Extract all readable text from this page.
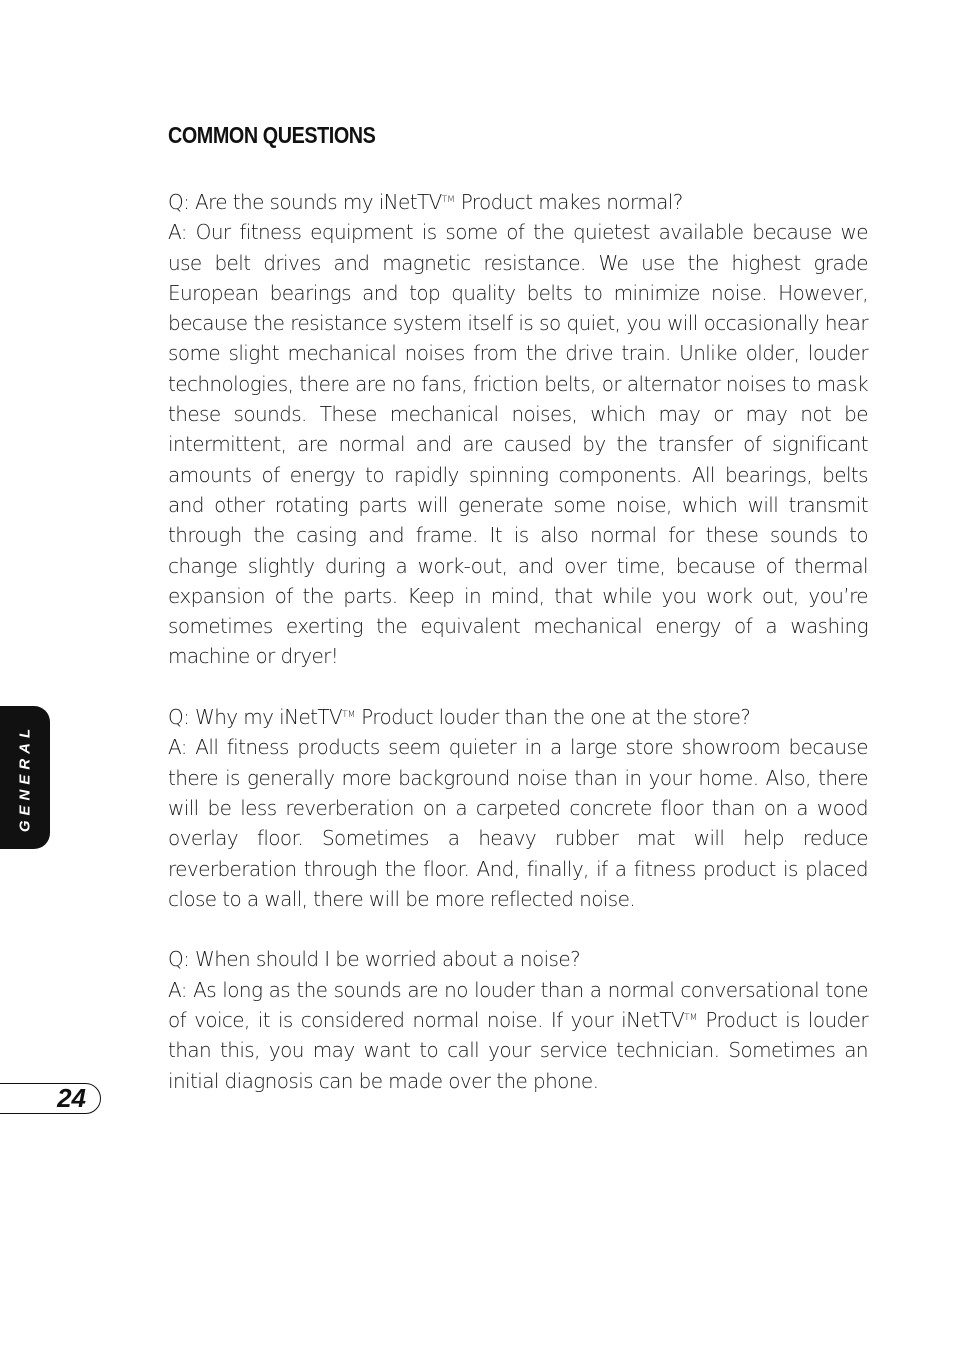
COMMON QUESTIONS

Q: Are the sounds my iNetTV™ Product makes normal?

A: Our fitness equipment is some of the quietest available because we use belt drives and magnetic resistance. We use the highest grade European bearings and top quality belts to minimize noise. However, because the resistance system itself is so quiet, you will occasionally hear some slight mechanical noises from the drive train. Unlike older, louder technologies, there are no fans, friction belts, or alternator noises to mask these sounds. These mechanical noises, which may or may not be intermittent, are normal and are caused by the transfer of significant amounts of energy to rapidly spinning components. All bearings, belts and other rotating parts will generate some noise, which will transmit through the casing and frame. It is also normal for these sounds to change slightly during a work-out, and over time, because of thermal expansion of the parts. Keep in mind, that while you work out, you’re sometimes exerting the equivalent mechanical energy of a washing machine or dryer!

Q: Why my iNetTV™ Product louder than the one at the store?

A: All fitness products seem quieter in a large store showroom because there is generally more background noise than in your home. Also, there will be less reverberation on a carpeted concrete floor than on a wood overlay floor. Sometimes a heavy rubber mat will help reduce reverberation through the floor. And, finally, if a fitness product is placed close to a wall, there will be more reflected noise.

Q: When should I be worried about a noise?

A: As long as the sounds are no louder than a normal conversational tone of voice, it is considered normal noise. If your iNetTV™ Product is louder than this, you may want to call your service technician. Sometimes an initial diagnosis can be made over the phone.

GENERAL
24
